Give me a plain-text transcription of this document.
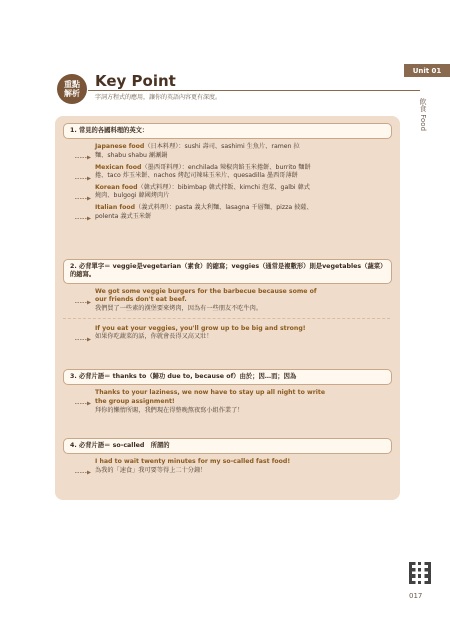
重點解析
Key Point
字詞方程式的應用，讓你的英語內容更有深度。
Unit 01
飲食 Food
1. 常見的各國料理的英文：
Japanese food（日本料理）：sushi 壽司、sashimi 生魚片、ramen 拉
麵、shabu shabu 涮涮鍋
Mexican food（墨西哥料理）：enchilada 辣椒肉餡玉米捲餅、burrito 麵餅
捲、taco 炸玉米餅、nachos 烤起司辣味玉米片、quesadilla 墨西哥薄餅
Korean food（韓式料理）：bibimbap 韓式拌飯、kimchi 泡菜、galbi 韓式
燒肉、bulgogi 韓國烤肉片
Italian food（義式料理）：pasta 義大利麵、lasagna 千層麵、pizza 披薩、
polenta 義式玉米餅
2. 必背單字＝ veggie是vegetarian（素食）的縮寫；veggies（通常是複數形）則是vegetables（蔬菜）的縮寫。
We got some veggie burgers for the barbecue because some of
our friends don't eat beef.
我們買了一些素的漢堡要來烤肉，因為有一些朋友不吃牛肉。
If you eat your veggies, you'll grow up to be big and strong!
如果你吃蔬菜的話，你就會長得又高又壯！
3. 必背片語＝ thanks to（歸功 due to, because of）由於；因…而；因為
Thanks to your laziness, we now have to stay up all night to write
the group assignment!
拜你的懶惰所賜，我們現在得整晚熬夜寫小組作業了！
4. 必背片語＝ so-called　所謂的
I had to wait twenty minutes for my so-called fast food!
為我的「速食」我可要等得上二十分鐘！
017
